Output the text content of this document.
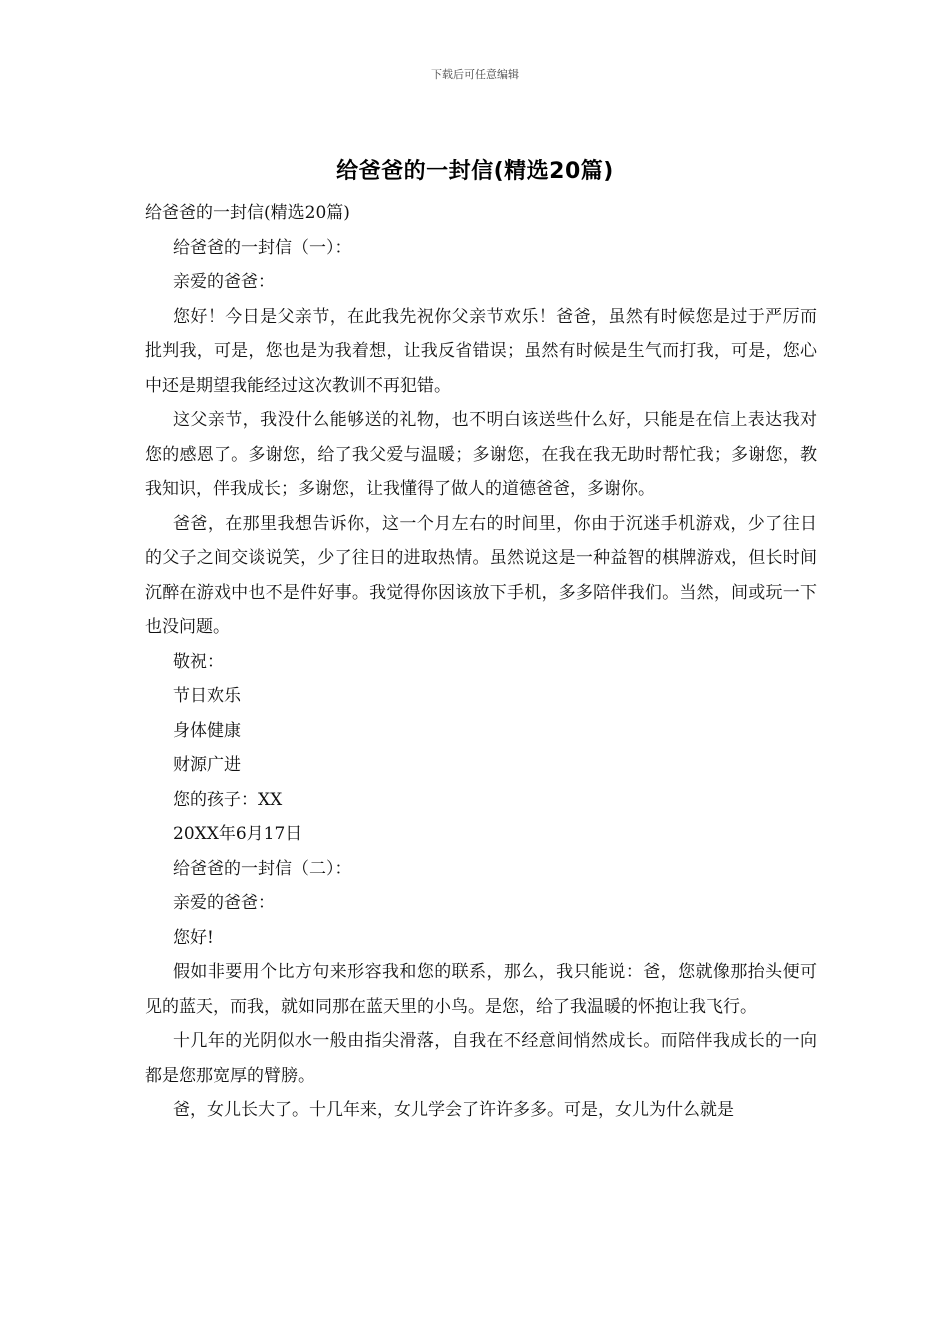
下载后可任意编辑
给爸爸的一封信(精选20篇)

给爸爸的一封信(精选20篇)

给爸爸的一封信（一）：

亲爱的爸爸：

您好！今日是父亲节，在此我先祝你父亲节欢乐！爸爸，虽然有时候您是过于严厉而批判我，可是，您也是为我着想，让我反省错误；虽然有时候是生气而打我，可是，您心中还是期望我能经过这次教训不再犯错。

这父亲节，我没什么能够送的礼物，也不明白该送些什么好，只能是在信上表达我对您的感恩了。多谢您，给了我父爱与温暖；多谢您，在我在我无助时帮忙我；多谢您，教我知识，伴我成长；多谢您，让我懂得了做人的道德爸爸，多谢你。

爸爸，在那里我想告诉你，这一个月左右的时间里，你由于沉迷手机游戏，少了往日的父子之间交谈说笑，少了往日的进取热情。虽然说这是一种益智的棋牌游戏，但长时间沉醉在游戏中也不是件好事。我觉得你因该放下手机，多多陪伴我们。当然，间或玩一下也没问题。

敬祝：

节日欢乐

身体健康

财源广进

您的孩子：XX

20XX年6月17日

给爸爸的一封信（二）：

亲爱的爸爸：

您好!

假如非要用个比方句来形容我和您的联系，那么，我只能说：爸，您就像那抬头便可见的蓝天，而我，就如同那在蓝天里的小鸟。是您，给了我温暖的怀抱让我飞行。

十几年的光阴似水一般由指尖滑落，自我在不经意间悄然成长。而陪伴我成长的一向都是您那宽厚的臂膀。

爸，女儿长大了。十几年来，女儿学会了许许多多。可是，女儿为什么就是
